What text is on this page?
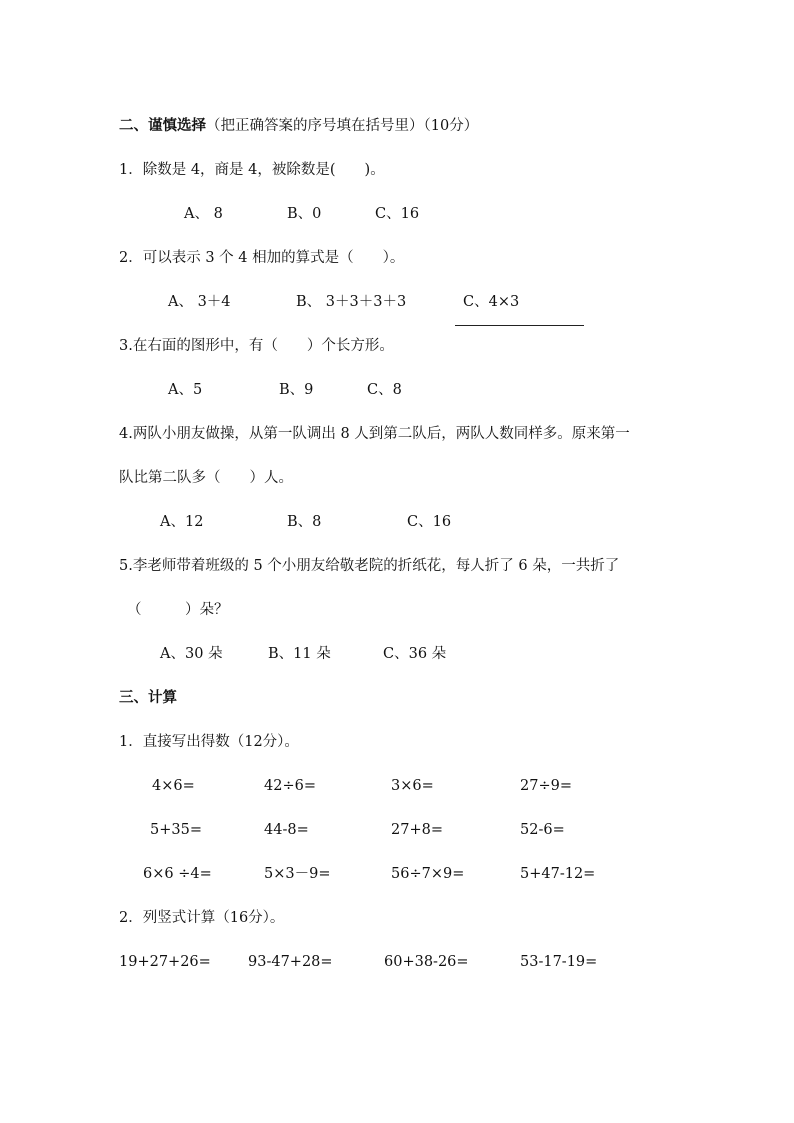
二、谨慎选择（把正确答案的序号填在括号里）（10分）
1．除数是 4，商是 4，被除数是(　　)。
A、 8	B、0	C、16
2．可以表示 3 个 4 相加的算式是（　　）。
A、 3＋4	B、 3＋3＋3＋3	C、4×3
3.在右面的图形中，有（　　）个长方形。
A、5	B、9	C、8
4.两队小朋友做操，从第一队调出 8 人到第二队后，两队人数同样多。原来第一
队比第二队多（　　）人。
A、12	B、8	C、16
5.李老师带着班级的 5 个小朋友给敬老院的折纸花，每人折了 6 朵，一共折了
（　　　）朵？
A、30 朵	B、11 朵	C、36 朵
三、计算
1．直接写出得数（12分）。
4×6=	42÷6=	3×6=	27÷9=
5+35=	44-8=	27+8=	52-6=
6×6 ÷4=	5×3－9=	56÷7×9=	5+47-12=
2．列竖式计算（16分）。
19+27+26=	93-47+28=	60+38-26=	53-17-19=
